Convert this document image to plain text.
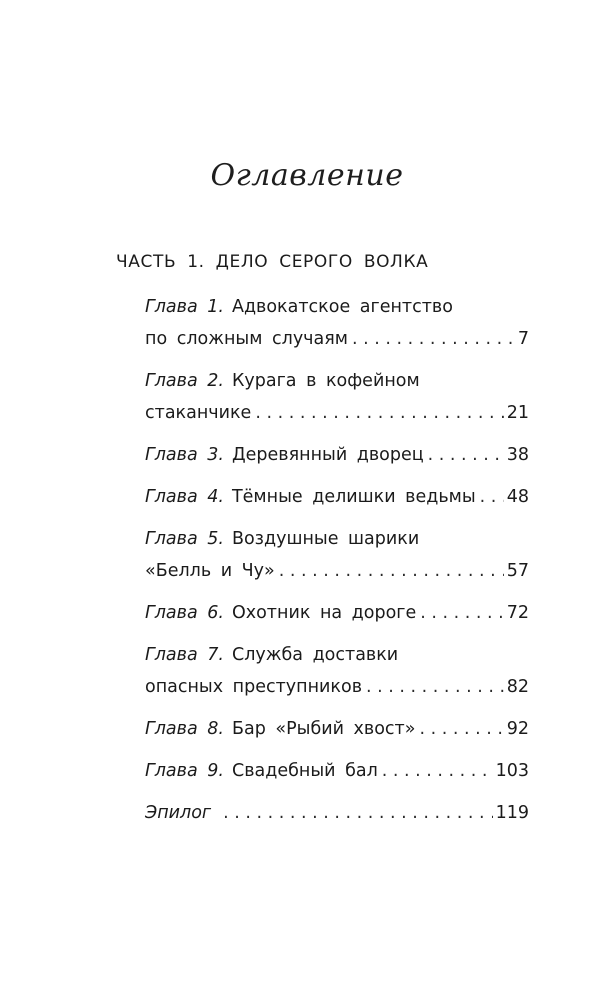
Оглавление
ЧАСТЬ 1. ДЕЛО СЕРОГО ВОЛКА
Глава 1. Адвокатское агентство
по сложным случаям . . .	7
Глава 2. Курага в кофейном
стаканчике . . .	21
Глава 3. Деревянный дворец . . .	38
Глава 4. Тёмные делишки ведьмы . . . 48
Глава 5. Воздушные шарики
«Белль и Чу» . . .	57
Глава 6. Охотник на дороге . . .	72
Глава 7. Служба доставки
опасных преступников . . .	82
Глава 8. Бар «Рыбий хвост» . . .	92
Глава 9. Свадебный бал . . .	103
Эпилог . . .	119
